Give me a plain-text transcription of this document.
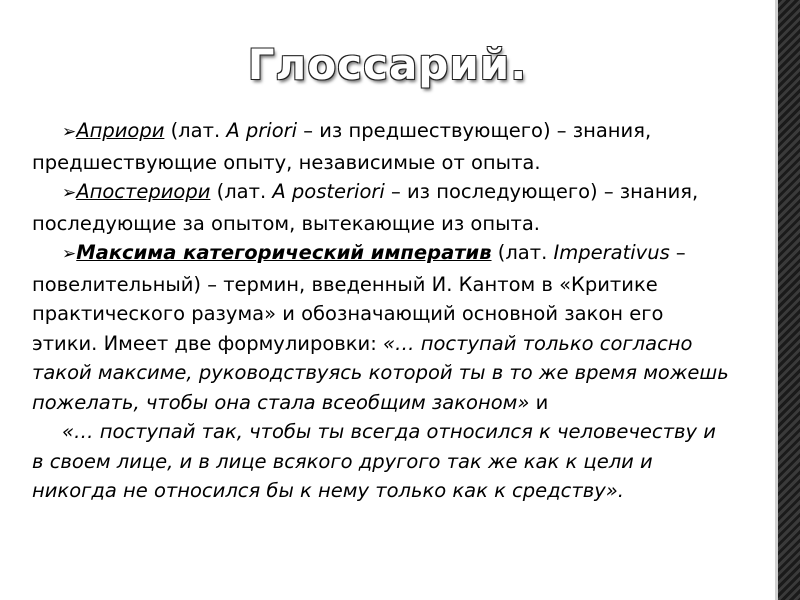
Глоссарий.

➢Априори (лат. A priori – из предшествующего) – знания, предшествующие опыту, независимые от опыта.

➢Апостериори (лат. A posteriori – из последующего) – знания, последующие за опытом, вытекающие из опыта.

➢Максима категорический императив (лат. Imperativus – повелительный) – термин, введенный И. Кантом в «Критике практического разума» и обозначающий основной закон его этики. Имеет две формулировки: «… поступай только согласно такой максиме, руководствуясь которой ты в то же время можешь пожелать, чтобы она стала всеобщим законом» и

«… поступай так, чтобы ты всегда относился к человечеству и в своем лице, и в лице всякого другого так же как к цели и никогда не относился бы к нему только как к средству».
